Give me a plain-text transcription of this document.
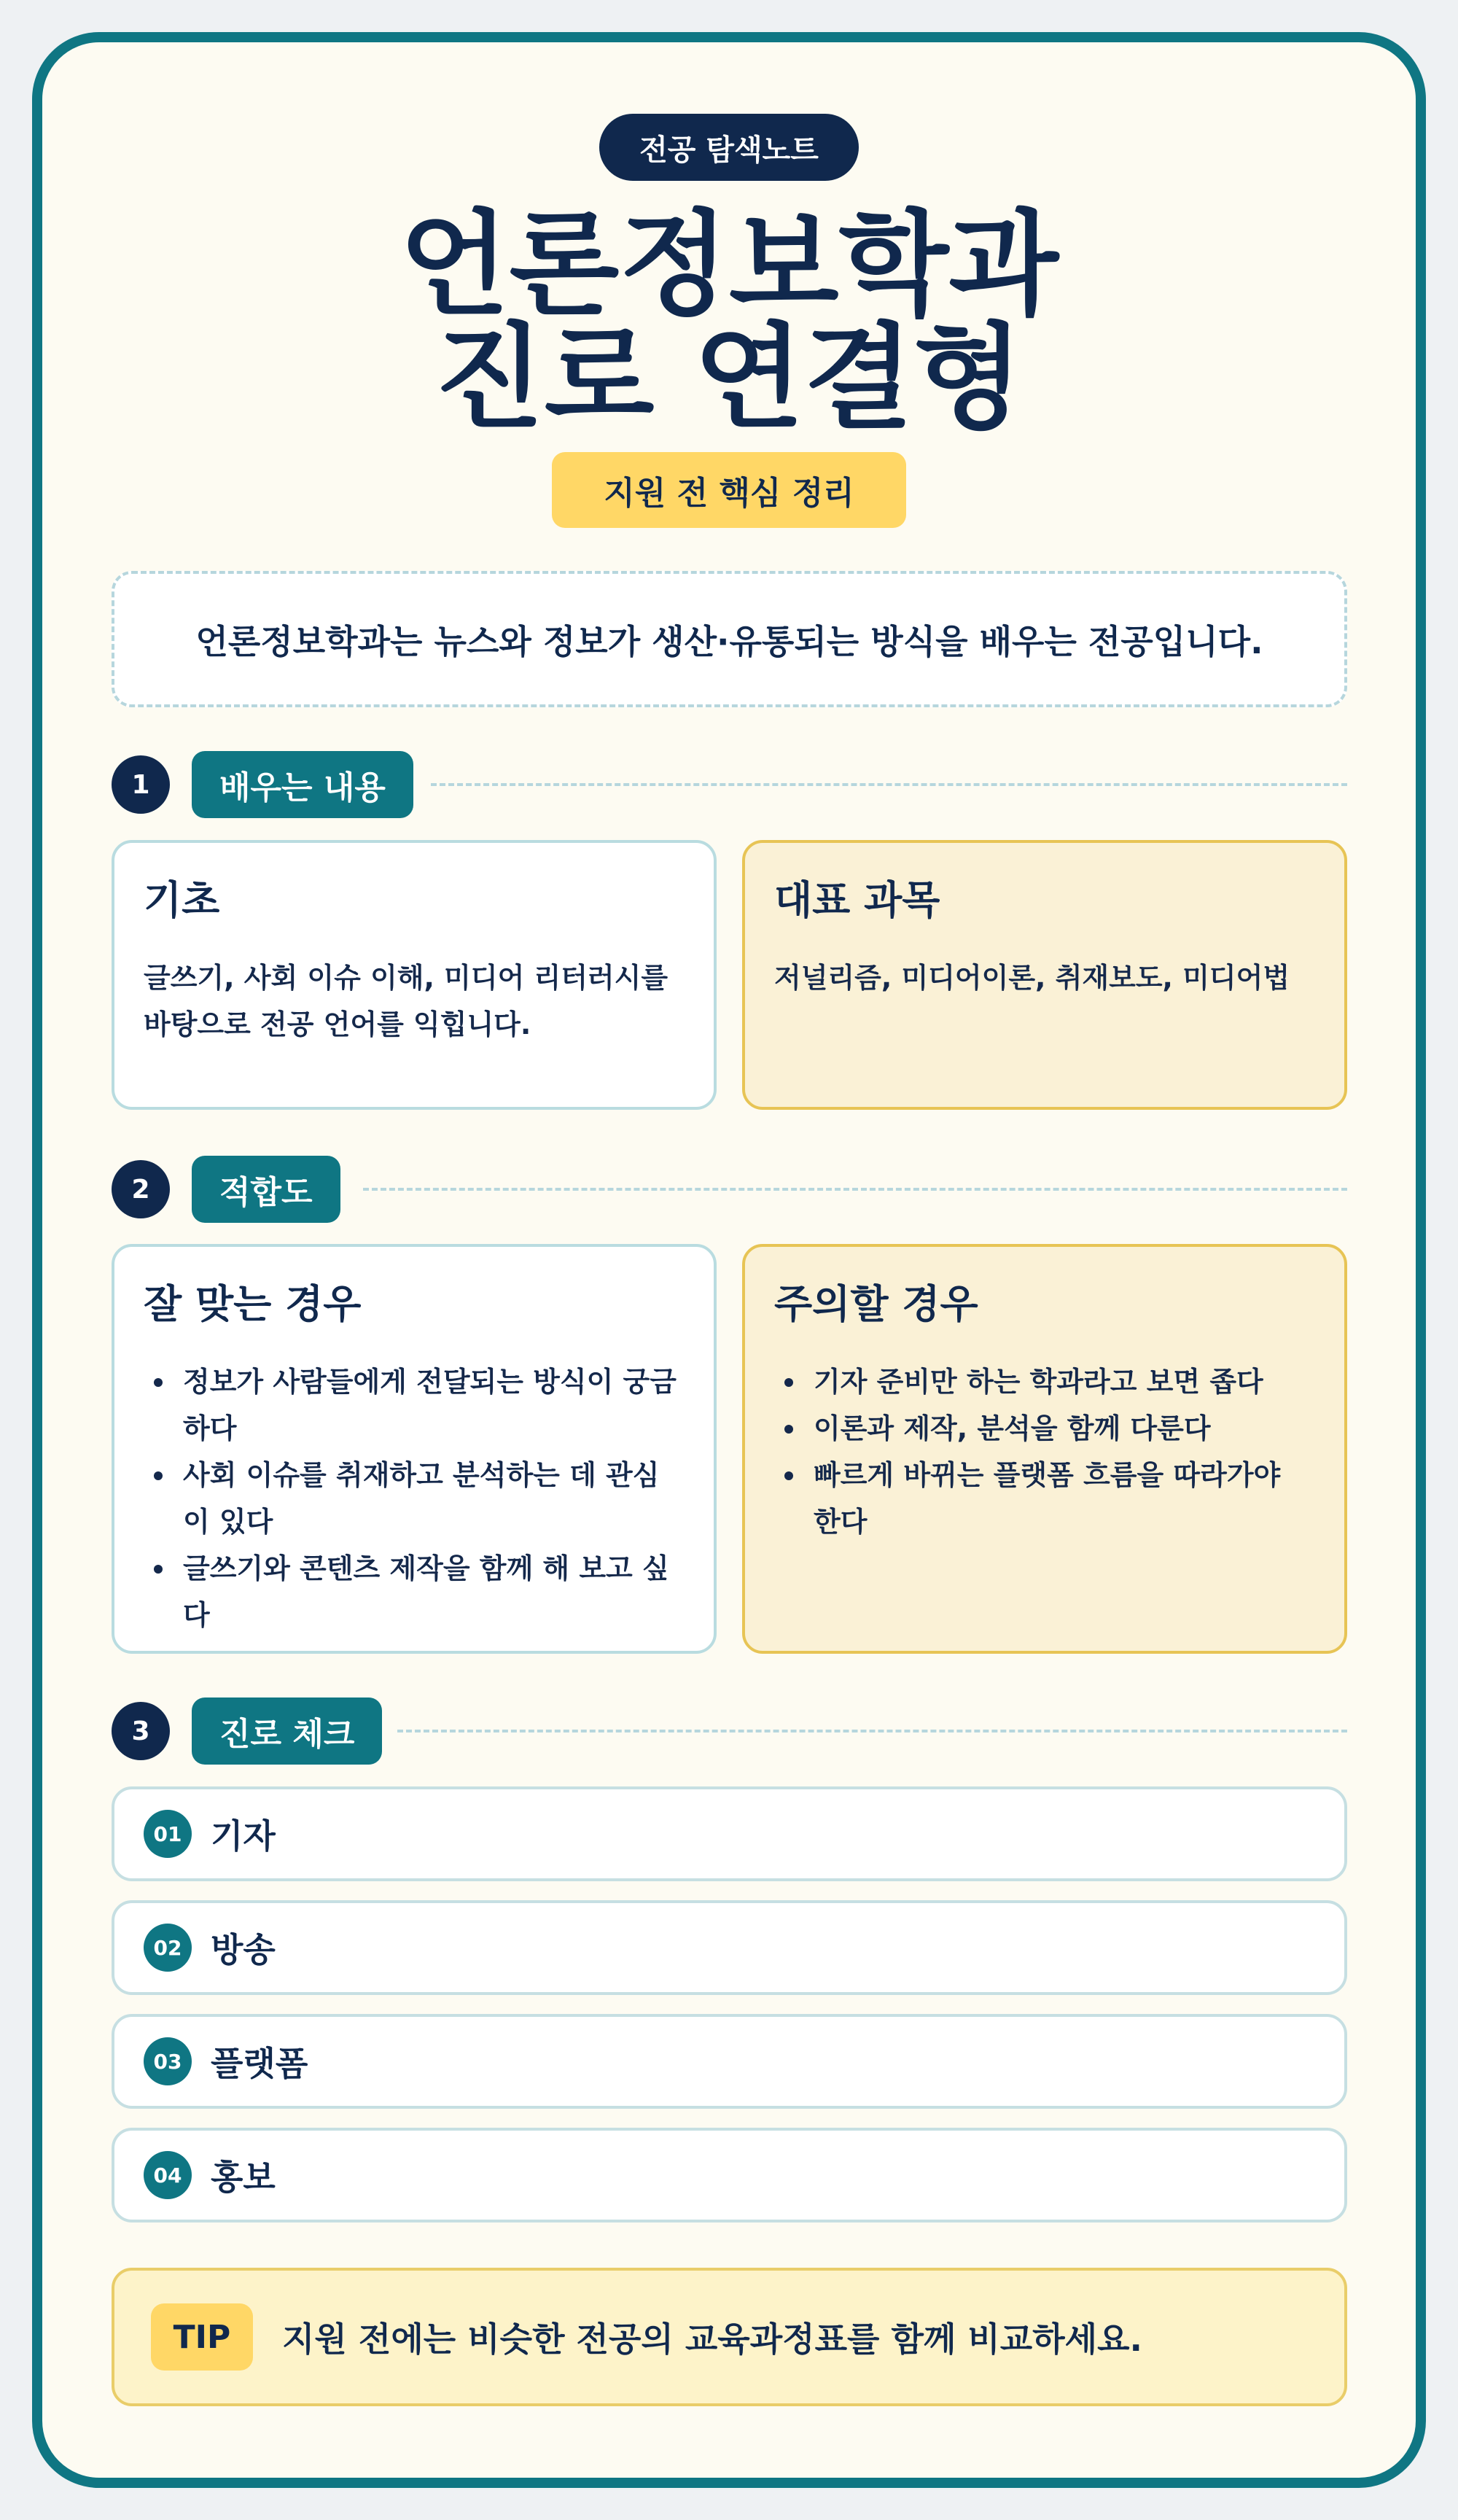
전공 탐색노트
언론정보학과
진로 연결형
지원 전 핵심 정리
언론정보학과는 뉴스와 정보가 생산·유통되는 방식을 배우는 전공입니다.
1	배우는 내용
기초

글쓰기, 사회 이슈 이해, 미디어 리터러시를 바탕으로 전공 언어를 익힙니다.

대표 과목

저널리즘, 미디어이론, 취재보도, 미디어법

2	적합도
잘 맞는 경우
정보가 사람들에게 전달되는 방식이 궁금하다
사회 이슈를 취재하고 분석하는 데 관심이 있다
글쓰기와 콘텐츠 제작을 함께 해 보고 싶다
주의할 경우
기자 준비만 하는 학과라고 보면 좁다
이론과 제작, 분석을 함께 다룬다
빠르게 바뀌는 플랫폼 흐름을 따라가야 한다
3	진로 체크
01 기자
02 방송
03 플랫폼
04 홍보
TIP	지원 전에는 비슷한 전공의 교육과정표를 함께 비교하세요.
